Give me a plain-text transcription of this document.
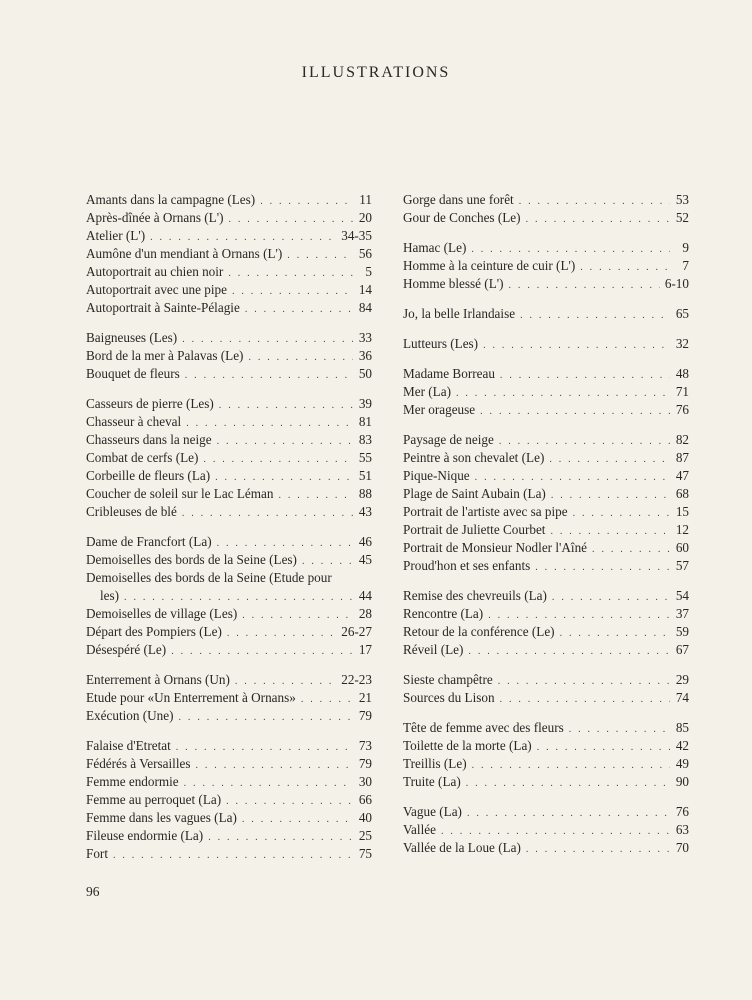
ILLUSTRATIONS
Amants dans la campagne (Les) . . .	11
Après-dînée à Ornans (L') . . .	20
Atelier (L') . . .	34-35
Aumône d'un mendiant à Ornans (L') . . .	56
Autoportrait au chien noir . . .	5
Autoportrait avec une pipe . . .	14
Autoportrait à Sainte-Pélagie . . .	84
Baigneuses (Les) . . .	33
Bord de la mer à Palavas (Le) . . .	36
Bouquet de fleurs . . .	50
Casseurs de pierre (Les) . . .	39
Chasseur à cheval . . .	81
Chasseurs dans la neige . . .	83
Combat de cerfs (Le) . . .	55
Corbeille de fleurs (La) . . .	51
Coucher de soleil sur le Lac Léman . . .	88
Cribleuses de blé . . .	43
Dame de Francfort (La) . . .	46
Demoiselles des bords de la Seine (Les) . . .	45
Demoiselles des bords de la Seine (Etude pour
les) . . .	44
Demoiselles de village (Les) . . .	28
Départ des Pompiers (Le) . . .	26-27
Désespéré (Le) . . .	17
Enterrement à Ornans (Un) . . .	22-23
Etude pour «Un Enterrement à Ornans» . . .	21
Exécution (Une) . . .	79
Falaise d'Etretat . . .	73
Fédérés à Versailles . . .	79
Femme endormie . . .	30
Femme au perroquet (La) . . .	66
Femme dans les vagues (La) . . .	40
Fileuse endormie (La) . . .	25
Fort . . .	75
Gorge dans une forêt . . .	53
Gour de Conches (Le) . . .	52
Hamac (Le) . . .	9
Homme à la ceinture de cuir (L') . . .	7
Homme blessé (L') . . .	6-10
Jo, la belle Irlandaise . . .	65
Lutteurs (Les) . . .	32
Madame Borreau . . .	48
Mer (La) . . .	71
Mer orageuse . . .	76
Paysage de neige . . .	82
Peintre à son chevalet (Le) . . .	87
Pique-Nique . . .	47
Plage de Saint Aubain (La) . . .	68
Portrait de l'artiste avec sa pipe . . .	15
Portrait de Juliette Courbet . . .	12
Portrait de Monsieur Nodler l'Aîné . . .	60
Proud'hon et ses enfants . . .	57
Remise des chevreuils (La) . . .	54
Rencontre (La) . . .	37
Retour de la conférence (Le) . . .	59
Réveil (Le) . . .	67
Sieste champêtre . . .	29
Sources du Lison . . .	74
Tête de femme avec des fleurs . . .	85
Toilette de la morte (La) . . .	42
Treillis (Le) . . .	49
Truite (La) . . .	90
Vague (La) . . .	76
Vallée . . .	63
Vallée de la Loue (La) . . .	70
96
